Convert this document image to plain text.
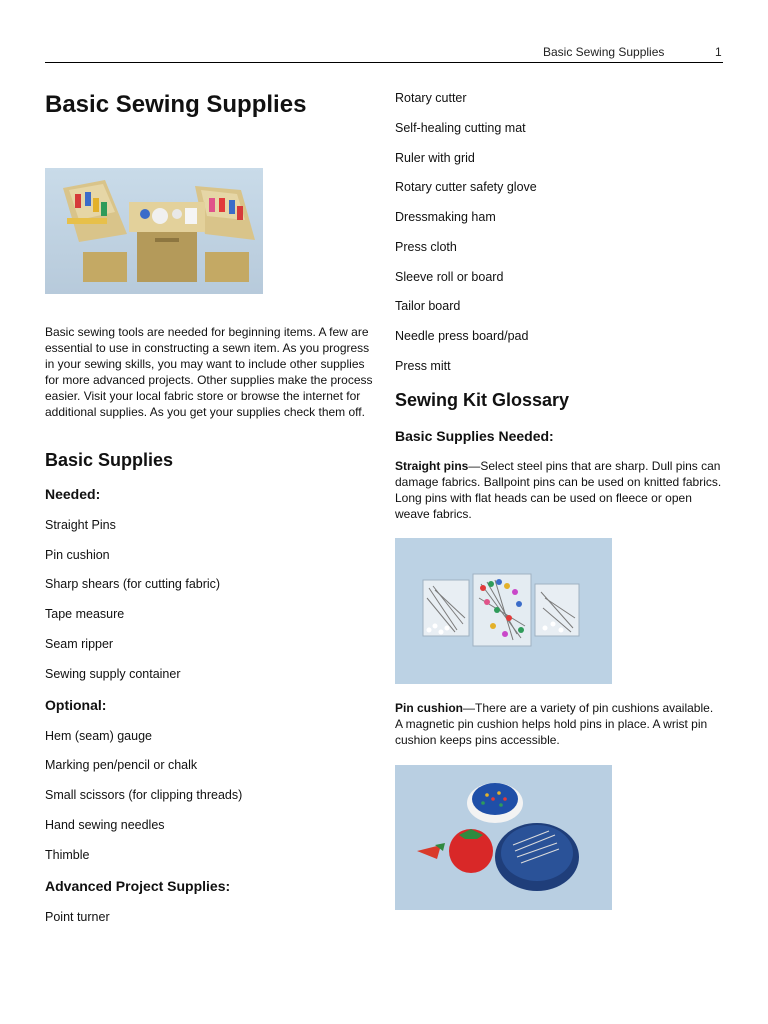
Basic Sewing Supplies	1
Basic Sewing Supplies

Basic sewing tools are needed for beginning items. A few are essential to use in constructing a sewn item. As you progress in your sewing skills, you may want to include other supplies for more advanced projects. Other supplies make the process easier. Visit your local fabric store or browse the internet for additional supplies. As you get your supplies check them off.

Basic Supplies
Needed:
Straight Pins
Pin cushion
Sharp shears (for cutting fabric)
Tape measure
Seam ripper
Sewing supply container
Optional:
Hem (seam) gauge
Marking pen/pencil or chalk
Small scissors (for clipping threads)
Hand sewing needles
Thimble
Advanced Project Supplies:
Point turner
Rotary cutter
Self-healing cutting mat
Ruler with grid
Rotary cutter safety glove
Dressmaking ham
Press cloth
Sleeve roll or board
Tailor board
Needle press board/pad
Press mitt
Sewing Kit Glossary
Basic Supplies Needed:

Straight pins—Select steel pins that are sharp. Dull pins can damage fabrics. Ballpoint pins can be used on knitted fabrics. Long pins with flat heads can be used on fleece or open weave fabrics.

Pin cushion—There are a variety of pin cushions available. A magnetic pin cushion helps hold pins in place. A wrist pin cushion keeps pins accessible.
